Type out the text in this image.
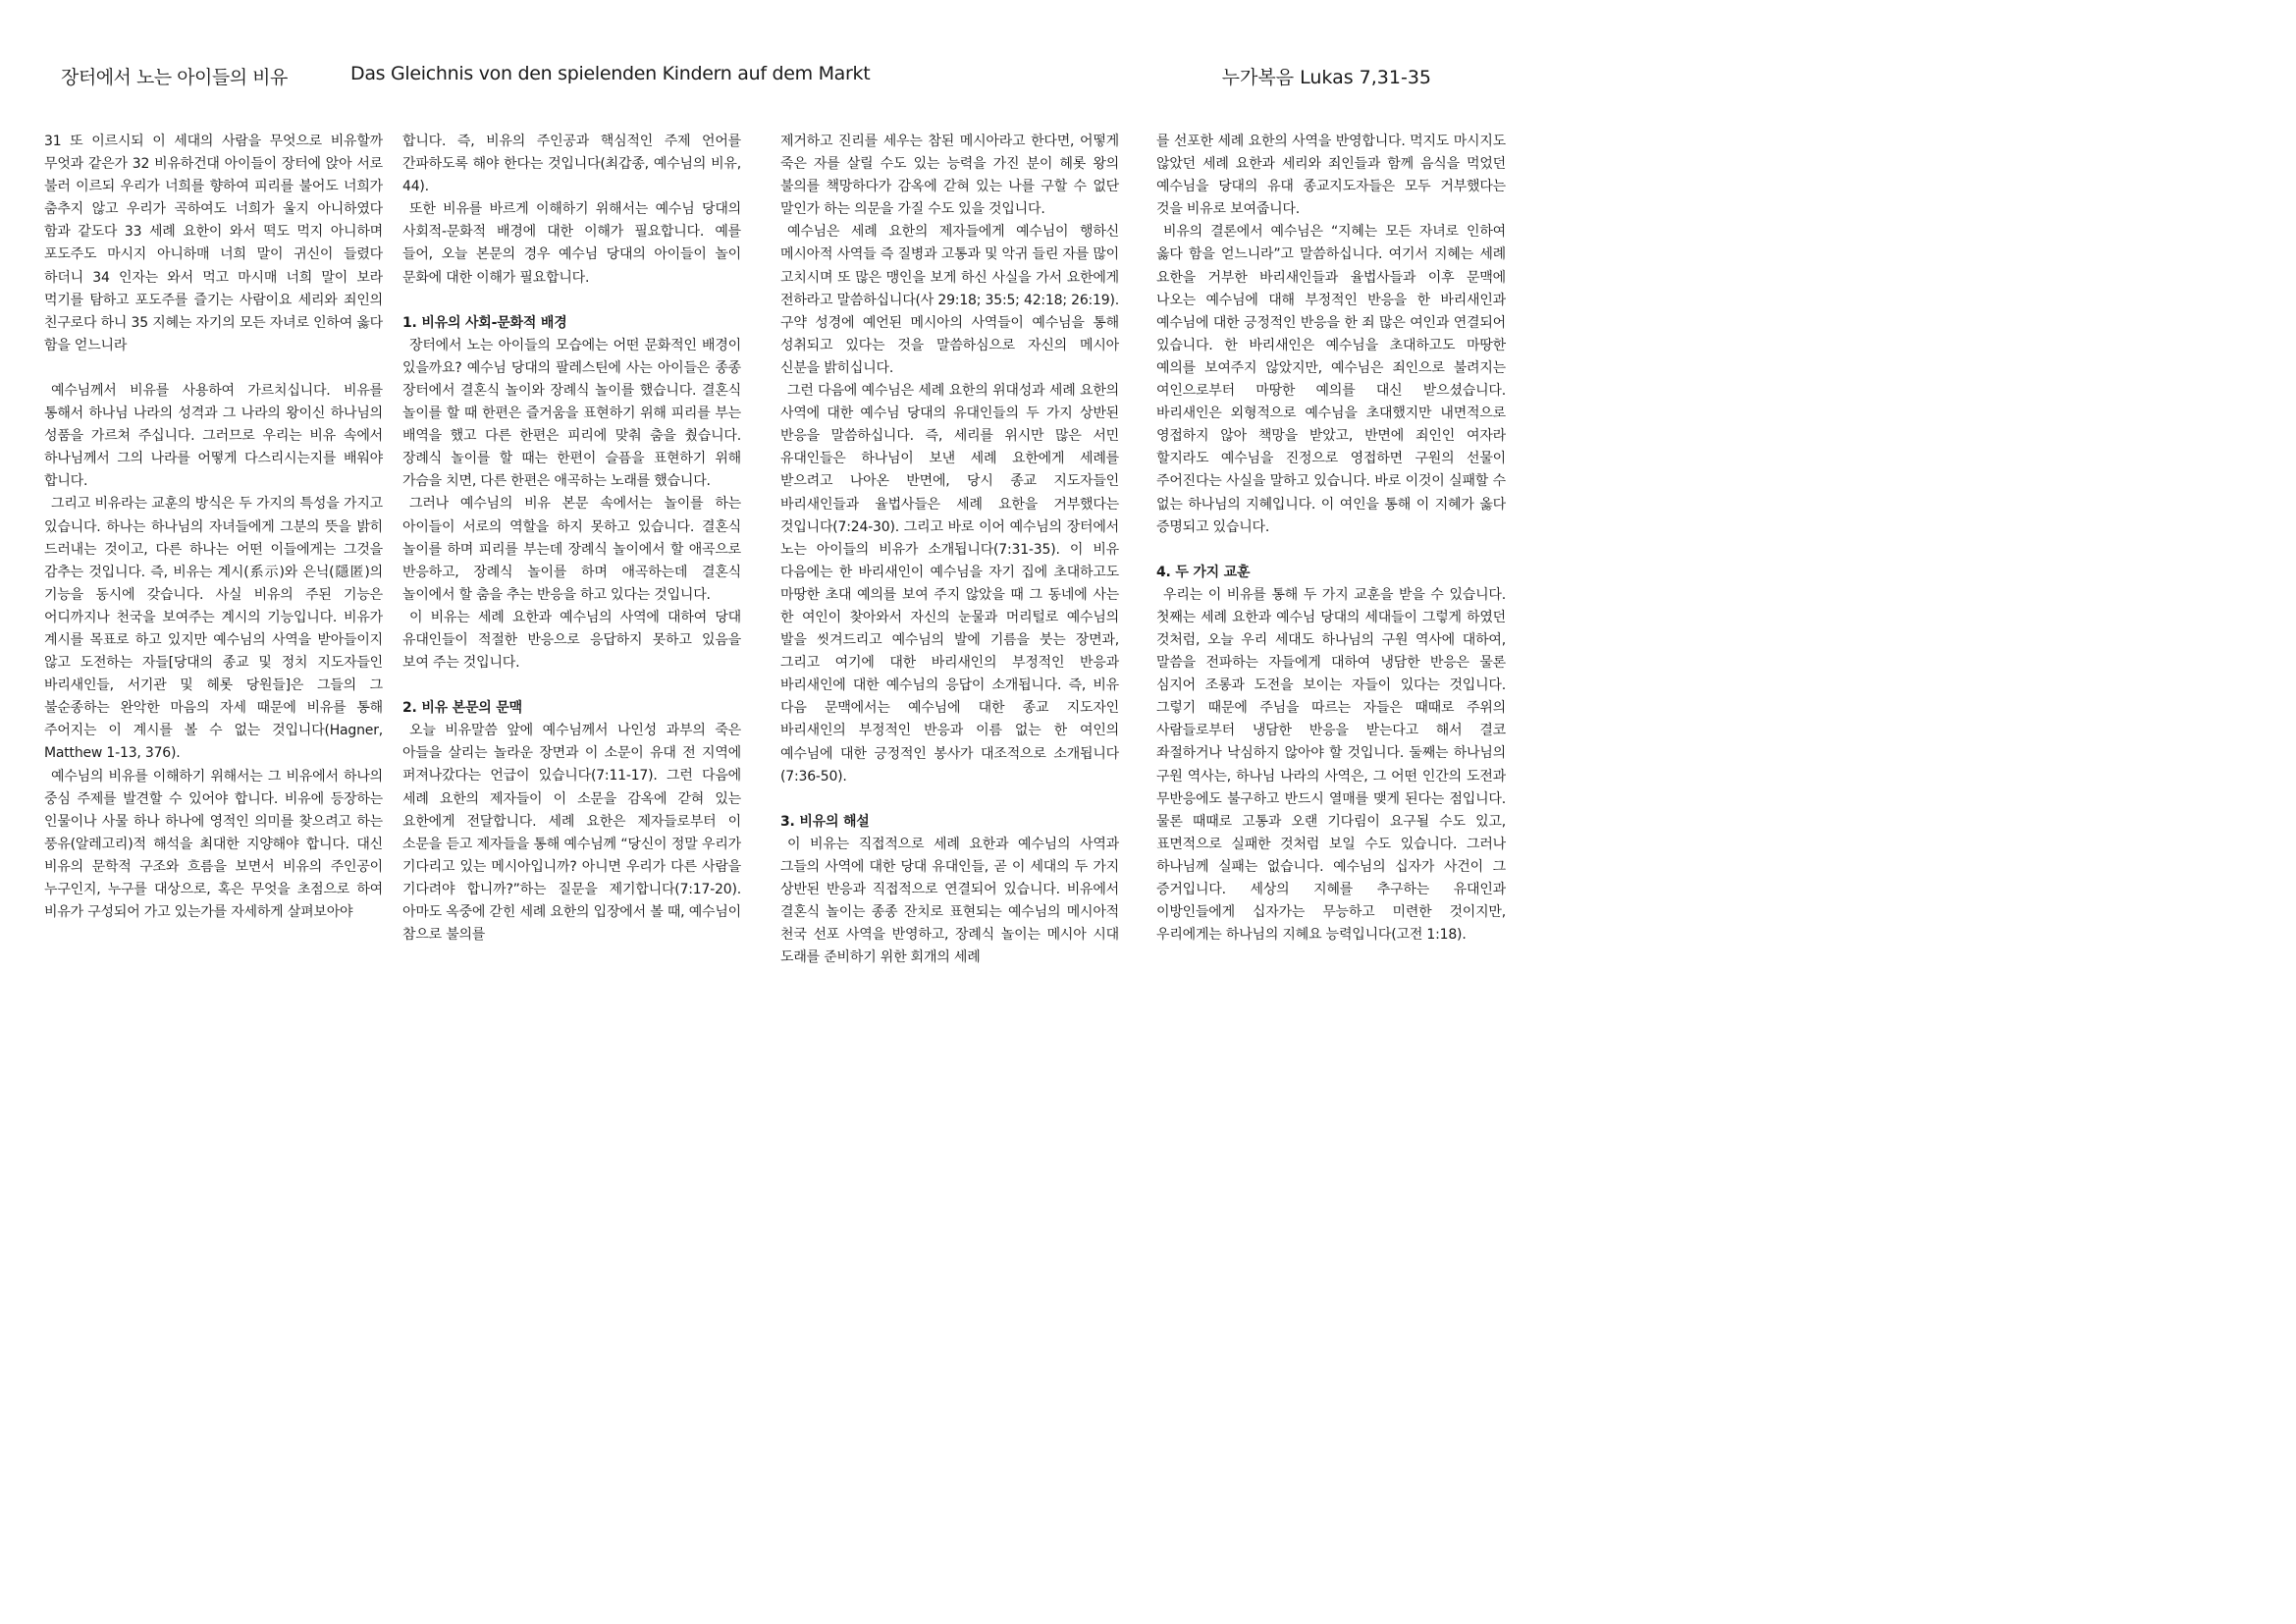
장터에서 노는 아이들의 비유	Das Gleichnis von den spielenden Kindern auf dem Markt	누가복음 Lukas 7,31-35

31 또 이르시되 이 세대의 사람을 무엇으로 비유할까 무엇과 같은가 32 비유하건대 아이들이 장터에 앉아 서로 불러 이르되 우리가 너희를 향하여 피리를 불어도 너희가 춤추지 않고 우리가 곡하여도 너희가 울지 아니하였다 함과 같도다 33 세례 요한이 와서 떡도 먹지 아니하며 포도주도 마시지 아니하매 너희 말이 귀신이 들렸다 하더니 34 인자는 와서 먹고 마시매 너희 말이 보라 먹기를 탐하고 포도주를 즐기는 사람이요 세리와 죄인의 친구로다 하니 35 지혜는 자기의 모든 자녀로 인하여 옳다 함을 얻느니라

예수님께서 비유를 사용하여 가르치십니다. 비유를 통해서 하나님 나라의 성격과 그 나라의 왕이신 하나님의 성품을 가르쳐 주십니다. 그러므로 우리는 비유 속에서 하나님께서 그의 나라를 어떻게 다스리시는지를 배워야 합니다.

그리고 비유라는 교훈의 방식은 두 가지의 특성을 가지고 있습니다. 하나는 하나님의 자녀들에게 그분의 뜻을 밝히 드러내는 것이고, 다른 하나는 어떤 이들에게는 그것을 감추는 것입니다. 즉, 비유는 계시(系示)와 은닉(隱匿)의 기능을 동시에 갖습니다. 사실 비유의 주된 기능은 어디까지나 천국을 보여주는 계시의 기능입니다. 비유가 계시를 목표로 하고 있지만 예수님의 사역을 받아들이지 않고 도전하는 자들[당대의 종교 및 정치 지도자들인 바리새인들, 서기관 및 헤롯 당원들]은 그들의 그 불순종하는 완악한 마음의 자세 때문에 비유를 통해 주어지는 이 계시를 볼 수 없는 것입니다(Hagner, Matthew 1-13, 376).

예수님의 비유를 이해하기 위해서는 그 비유에서 하나의 중심 주제를 발견할 수 있어야 합니다. 비유에 등장하는 인물이나 사물 하나 하나에 영적인 의미를 찾으려고 하는 풍유(알레고리)적 해석을 최대한 지양해야 합니다. 대신 비유의 문학적 구조와 흐름을 보면서 비유의 주인공이 누구인지, 누구를 대상으로, 혹은 무엇을 초점으로 하여 비유가 구성되어 가고 있는가를 자세하게 살펴보아야

합니다. 즉, 비유의 주인공과 핵심적인 주제 언어를 간파하도록 해야 한다는 것입니다(최갑종, 예수님의 비유, 44).

또한 비유를 바르게 이해하기 위해서는 예수님 당대의 사회적-문화적 배경에 대한 이해가 필요합니다. 예를 들어, 오늘 본문의 경우 예수님 당대의 아이들이 놀이 문화에 대한 이해가 필요합니다.

1. 비유의 사회-문화적 배경

장터에서 노는 아이들의 모습에는 어떤 문화적인 배경이 있을까요? 예수님 당대의 팔레스틴에 사는 아이들은 종종 장터에서 결혼식 놀이와 장례식 놀이를 했습니다. 결혼식 놀이를 할 때 한편은 즐거움을 표현하기 위해 피리를 부는 배역을 했고 다른 한편은 피리에 맞춰 춤을 췄습니다. 장례식 놀이를 할 때는 한편이 슬픔을 표현하기 위해 가슴을 치면, 다른 한편은 애곡하는 노래를 했습니다.

그러나 예수님의 비유 본문 속에서는 놀이를 하는 아이들이 서로의 역할을 하지 못하고 있습니다. 결혼식 놀이를 하며 피리를 부는데 장례식 놀이에서 할 애곡으로 반응하고, 장례식 놀이를 하며 애곡하는데 결혼식 놀이에서 할 춤을 추는 반응을 하고 있다는 것입니다.

이 비유는 세례 요한과 예수님의 사역에 대하여 당대 유대인들이 적절한 반응으로 응답하지 못하고 있음을 보여 주는 것입니다.

2. 비유 본문의 문맥

오늘 비유말씀 앞에 예수님께서 나인성 과부의 죽은 아들을 살리는 놀라운 장면과 이 소문이 유대 전 지역에 퍼져나갔다는 언급이 있습니다(7:11-17). 그런 다음에 세례 요한의 제자들이 이 소문을 감옥에 갇혀 있는 요한에게 전달합니다. 세례 요한은 제자들로부터 이 소문을 듣고 제자들을 통해 예수님께 “당신이 정말 우리가 기다리고 있는 메시아입니까? 아니면 우리가 다른 사람을 기다려야 합니까?”하는 질문을 제기합니다(7:17-20). 아마도 옥중에 갇힌 세례 요한의 입장에서 볼 때, 예수님이 참으로 불의를

제거하고 진리를 세우는 참된 메시아라고 한다면, 어떻게 죽은 자를 살릴 수도 있는 능력을 가진 분이 헤롯 왕의 불의를 책망하다가 감옥에 갇혀 있는 나를 구할 수 없단 말인가 하는 의문을 가질 수도 있을 것입니다.

예수님은 세례 요한의 제자들에게 예수님이 행하신 메시아적 사역들 즉 질병과 고통과 및 악귀 들린 자를 많이 고치시며 또 많은 맹인을 보게 하신 사실을 가서 요한에게 전하라고 말씀하십니다(사 29:18; 35:5; 42:18; 26:19). 구약 성경에 예언된 메시아의 사역들이 예수님을 통해 성취되고 있다는 것을 말씀하심으로 자신의 메시아 신분을 밝히십니다.

그런 다음에 예수님은 세례 요한의 위대성과 세례 요한의 사역에 대한 예수님 당대의 유대인들의 두 가지 상반된 반응을 말씀하십니다. 즉, 세리를 위시만 많은 서민 유대인들은 하나님이 보낸 세례 요한에게 세례를 받으려고 나아온 반면에, 당시 종교 지도자들인 바리새인들과 율법사들은 세례 요한을 거부했다는 것입니다(7:24-30). 그리고 바로 이어 예수님의 장터에서 노는 아이들의 비유가 소개됩니다(7:31-35). 이 비유 다음에는 한 바리새인이 예수님을 자기 집에 초대하고도 마땅한 초대 예의를 보여 주지 않았을 때 그 동네에 사는 한 여인이 찾아와서 자신의 눈물과 머리털로 예수님의 발을 씻겨드리고 예수님의 발에 기름을 붓는 장면과, 그리고 여기에 대한 바리새인의 부정적인 반응과 바리새인에 대한 예수님의 응답이 소개됩니다. 즉, 비유 다음 문맥에서는 예수님에 대한 종교 지도자인 바리새인의 부정적인 반응과 이름 없는 한 여인의 예수님에 대한 긍정적인 봉사가 대조적으로 소개됩니다(7:36-50).

3. 비유의 해설

이 비유는 직접적으로 세례 요한과 예수님의 사역과 그들의 사역에 대한 당대 유대인들, 곧 이 세대의 두 가지 상반된 반응과 직접적으로 연결되어 있습니다. 비유에서 결혼식 놀이는 종종 잔치로 표현되는 예수님의 메시아적 천국 선포 사역을 반영하고, 장례식 놀이는 메시아 시대 도래를 준비하기 위한 회개의 세례

를 선포한 세례 요한의 사역을 반영합니다. 먹지도 마시지도 않았던 세례 요한과 세리와 죄인들과 함께 음식을 먹었던 예수님을 당대의 유대 종교지도자들은 모두 거부했다는 것을 비유로 보여줍니다.

비유의 결론에서 예수님은 “지혜는 모든 자녀로 인하여 옳다 함을 얻느니라”고 말씀하십니다. 여기서 지혜는 세례 요한을 거부한 바리새인들과 율법사들과 이후 문맥에 나오는 예수님에 대해 부정적인 반응을 한 바리새인과 예수님에 대한 긍정적인 반응을 한 죄 많은 여인과 연결되어 있습니다. 한 바리새인은 예수님을 초대하고도 마땅한 예의를 보여주지 않았지만, 예수님은 죄인으로 불려지는 여인으로부터 마땅한 예의를 대신 받으셨습니다. 바리새인은 외형적으로 예수님을 초대했지만 내면적으로 영접하지 않아 책망을 받았고, 반면에 죄인인 여자라 할지라도 예수님을 진정으로 영접하면 구원의 선물이 주어진다는 사실을 말하고 있습니다. 바로 이것이 실패할 수 없는 하나님의 지혜입니다. 이 여인을 통해 이 지혜가 옳다 증명되고 있습니다.

4. 두 가지 교훈

우리는 이 비유를 통해 두 가지 교훈을 받을 수 있습니다. 첫째는 세례 요한과 예수님 당대의 세대들이 그렇게 하였던 것처럼, 오늘 우리 세대도 하나님의 구원 역사에 대하여, 말씀을 전파하는 자들에게 대하여 냉담한 반응은 물론 심지어 조롱과 도전을 보이는 자들이 있다는 것입니다. 그렇기 때문에 주님을 따르는 자들은 때때로 주위의 사람들로부터 냉담한 반응을 받는다고 해서 결코 좌절하거나 낙심하지 않아야 할 것입니다. 둘째는 하나님의 구원 역사는, 하나님 나라의 사역은, 그 어떤 인간의 도전과 무반응에도 불구하고 반드시 열매를 맺게 된다는 점입니다. 물론 때때로 고통과 오랜 기다림이 요구될 수도 있고, 표면적으로 실패한 것처럼 보일 수도 있습니다. 그러나 하나님께 실패는 없습니다. 예수님의 십자가 사건이 그 증거입니다. 세상의 지혜를 추구하는 유대인과 이방인들에게 십자가는 무능하고 미련한 것이지만, 우리에게는 하나님의 지혜요 능력입니다(고전 1:18).
